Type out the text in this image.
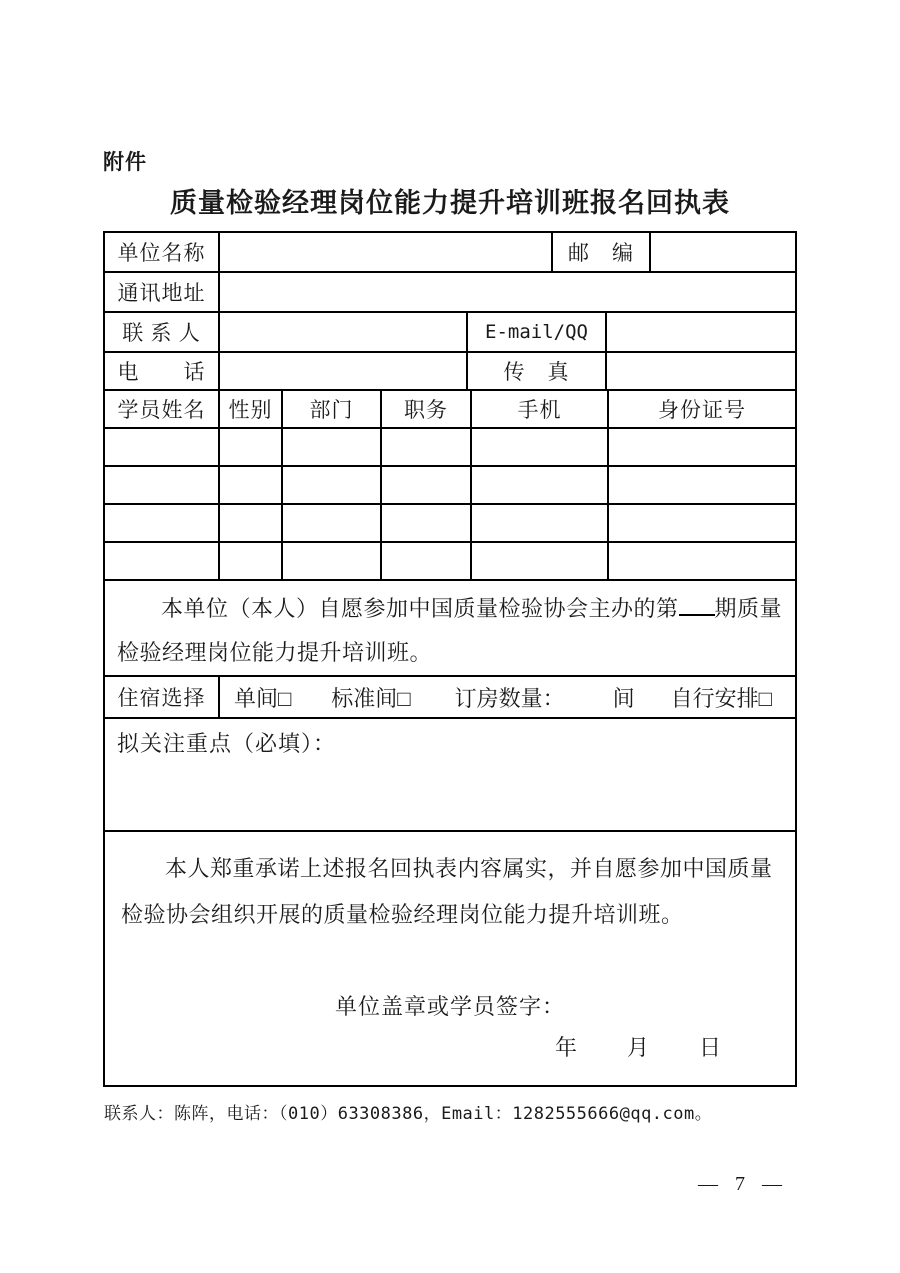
附件
质量检验经理岗位能力提升培训班报名回执表
单位名称	邮　编
通讯地址
联 系 人	E-mail/QQ
电　　话	传　真
学员姓名	性别	部门	职务	手机	身份证号
本单位（本人）自愿参加中国质量检验协会主办的第 期质量检验经理岗位能力提升培训班。
住宿选择	单间□ 标准间□ 订房数量： 间 自行安排□
拟关注重点（必填）：

本人郑重承诺上述报名回执表内容属实，并自愿参加中国质量检验协会组织开展的质量检验经理岗位能力提升培训班。

单位盖章或学员签字：
年　　月　　日
联系人：陈阵，电话：（010）63308386，Email：1282555666@qq.com。
— 7 —
